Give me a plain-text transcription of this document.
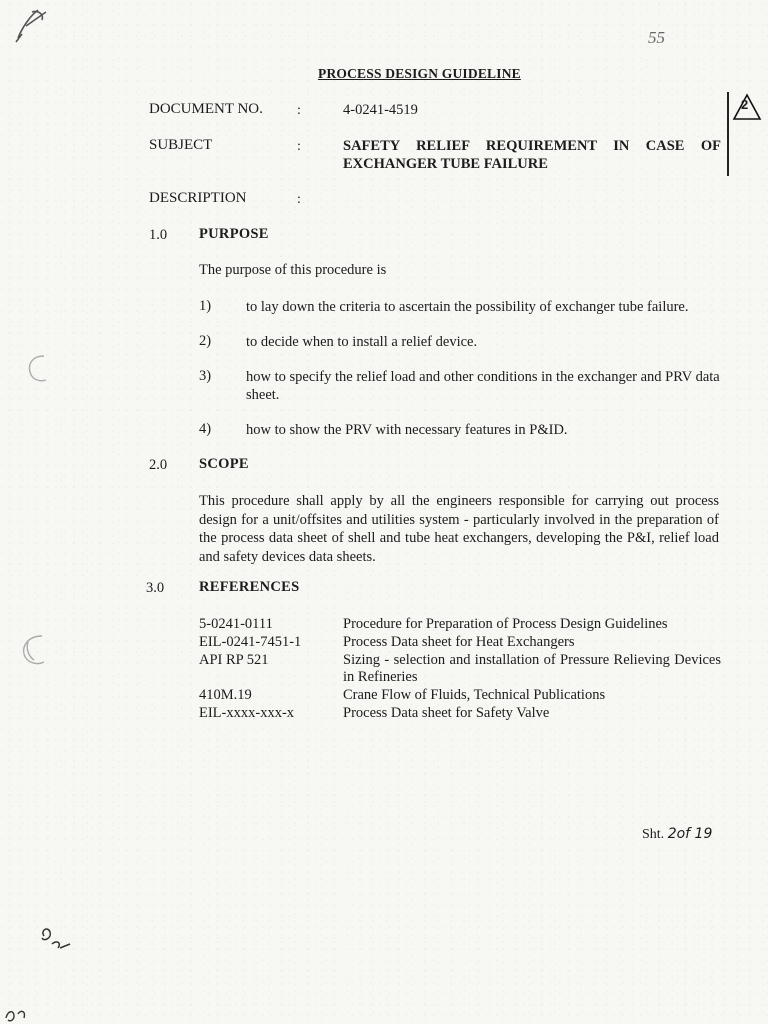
55
PROCESS DESIGN GUIDELINE
DOCUMENT NO. :	4-0241-4519
SUBJECT	:	SAFETY RELIEF REQUIREMENT IN CASE OF EXCHANGER TUBE FAILURE
2
DESCRIPTION	:
1.0 PURPOSE
The purpose of this procedure is
1) to lay down the criteria to ascertain the possibility of exchanger tube failure.
2) to decide when to install a relief device.
3) how to specify the relief load and other conditions in the exchanger and PRV data sheet.
4) how to show the PRV with necessary features in P&ID.
2.0 SCOPE
This procedure shall apply by all the engineers responsible for carrying out process design for a unit/offsites and utilities system - particularly involved in the preparation of the process data sheet of shell and tube heat exchangers, developing the P&I, relief load and safety devices data sheets.
3.0 REFERENCES
5-0241-0111	Procedure for Preparation of Process Design Guidelines
EIL-0241-7451-1	Process Data sheet for Heat Exchangers
API RP 521	Sizing - selection and installation of Pressure Relieving Devices in Refineries
410M.19	Crane Flow of Fluids, Technical Publications
EIL-xxxx-xxx-x	Process Data sheet for Safety Valve
Sht. 2of 19
